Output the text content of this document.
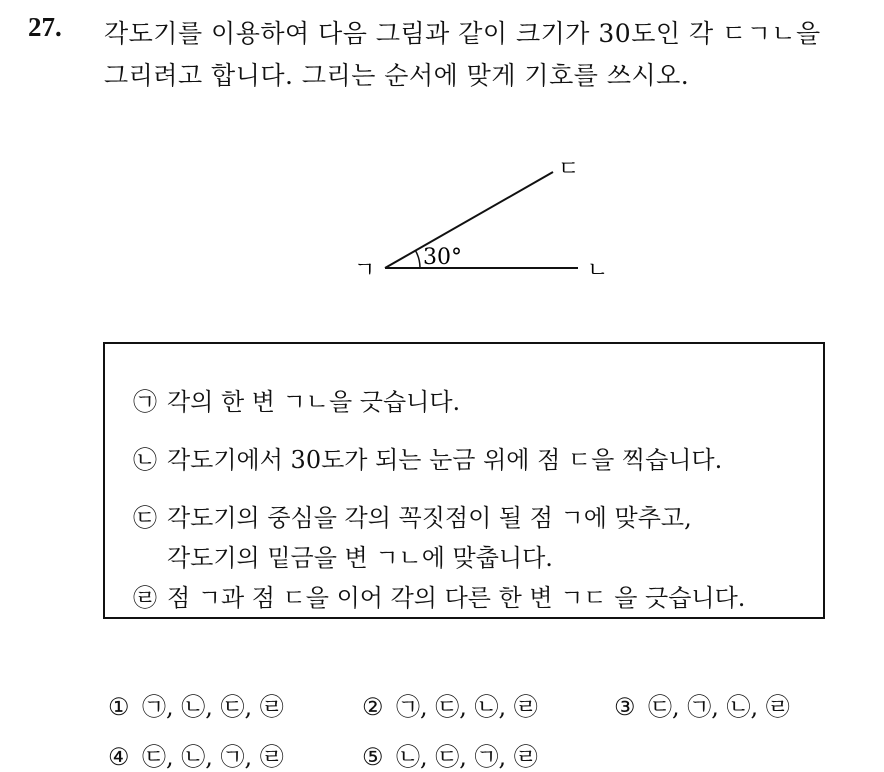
27. 각도기를 이용하여 다음 그림과 같이 크기가 30도인 각 ㄷㄱㄴ을
그리려고 합니다. 그리는 순서에 맞게 기호를 쓰시오.
30°
ㄱ	ㄴ
ㄷ
㉠ 각의 한 변 ㄱㄴ을 긋습니다.
㉡ 각도기에서 30도가 되는 눈금 위에 점 ㄷ을 찍습니다.
㉢ 각도기의 중심을 각의 꼭짓점이 될 점 ㄱ에 맞추고,
각도기의 밑금을 변 ㄱㄴ에 맞춥니다.
㉣ 점 ㄱ과 점 ㄷ을 이어 각의 다른 한 변 ㄱㄷ 을 긋습니다.
① ㉠, ㉡, ㉢, ㉣	② ㉠, ㉢, ㉡, ㉣	③ ㉢, ㉠, ㉡, ㉣
④ ㉢, ㉡, ㉠, ㉣	⑤ ㉡, ㉢, ㉠, ㉣
